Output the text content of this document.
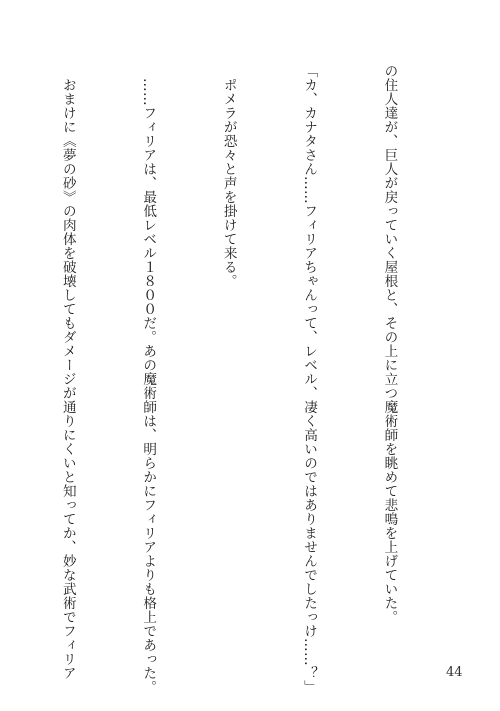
の住人達が、巨人が戻っていく屋根と、その上に立つ魔術師を眺めて悲鳴を上げていた。

「カ、カナタさん……フィリアちゃんって、レベル、凄く高いのではありませんでしたっけ……？」

　ポメラが恐々と声を掛けて来る。

　……フィリアは、最低レベル１８００だ。あの魔術師は、明らかにフィリアよりも格上であった。

　おまけに《夢の砂》の肉体を破壊してもダメージが通りにくいと知ってか、妙な武術でフィリア

	44
